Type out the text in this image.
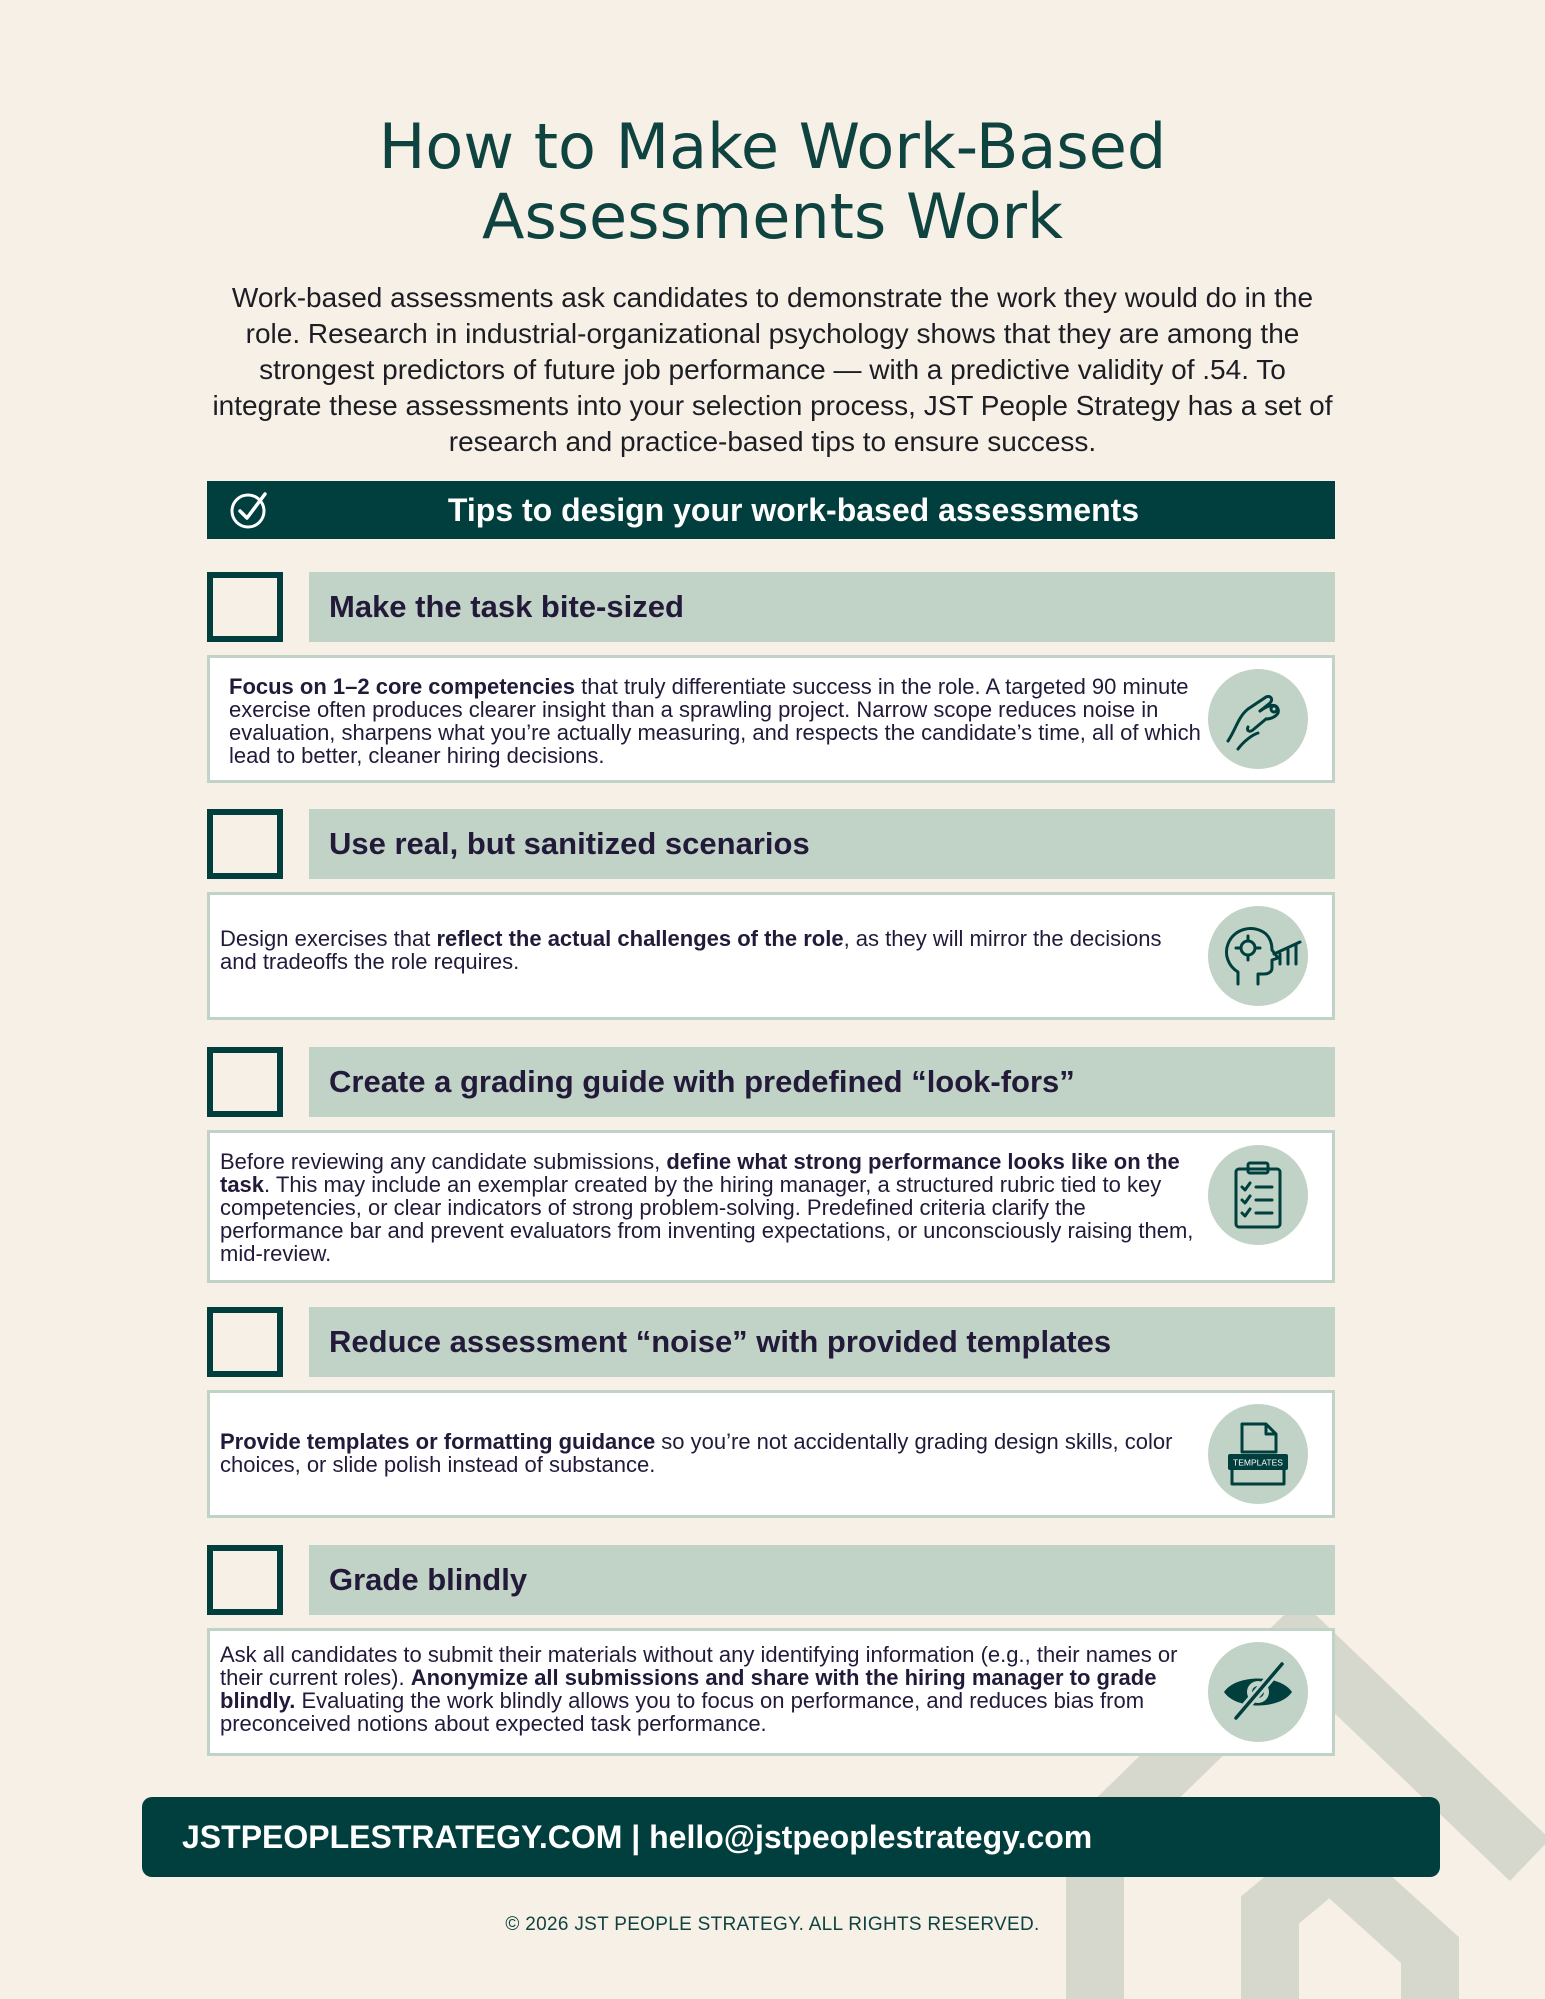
How to Make Work-Based
Assessments Work

Work-based assessments ask candidates to demonstrate the work they would do in the role. Research in industrial-organizational psychology shows that they are among the strongest predictors of future job performance — with a predictive validity of .54. To integrate these assessments into your selection process, JST People Strategy has a set of research and practice-based tips to ensure success.

Tips to design your work-based assessments
Make the task bite-sized

Focus on 1–2 core competencies that truly differentiate success in the role. A targeted 90 minute exercise often produces clearer insight than a sprawling project. Narrow scope reduces noise in evaluation, sharpens what you’re actually measuring, and respects the candidate’s time, all of which lead to better, cleaner hiring decisions.

Use real, but sanitized scenarios

Design exercises that reflect the actual challenges of the role, as they will mirror the decisions and tradeoffs the role requires.

Create a grading guide with predefined “look-fors”

Before reviewing any candidate submissions, define what strong performance looks like on the task. This may include an exemplar created by the hiring manager, a structured rubric tied to key competencies, or clear indicators of strong problem-solving. Predefined criteria clarify the performance bar and prevent evaluators from inventing expectations, or unconsciously raising them, mid-review.

Reduce assessment “noise” with provided templates

Provide templates or formatting guidance so you’re not accidentally grading design skills, color choices, or slide polish instead of substance.	TEMPLATES
Grade blindly

Ask all candidates to submit their materials without any identifying information (e.g., their names or their current roles). Anonymize all submissions and share with the hiring manager to grade blindly. Evaluating the work blindly allows you to focus on performance, and reduces bias from preconceived notions about expected task performance.

JSTPEOPLESTRATEGY.COM | hello@jstpeoplestrategy.com
© 2026 JST PEOPLE STRATEGY. ALL RIGHTS RESERVED.
